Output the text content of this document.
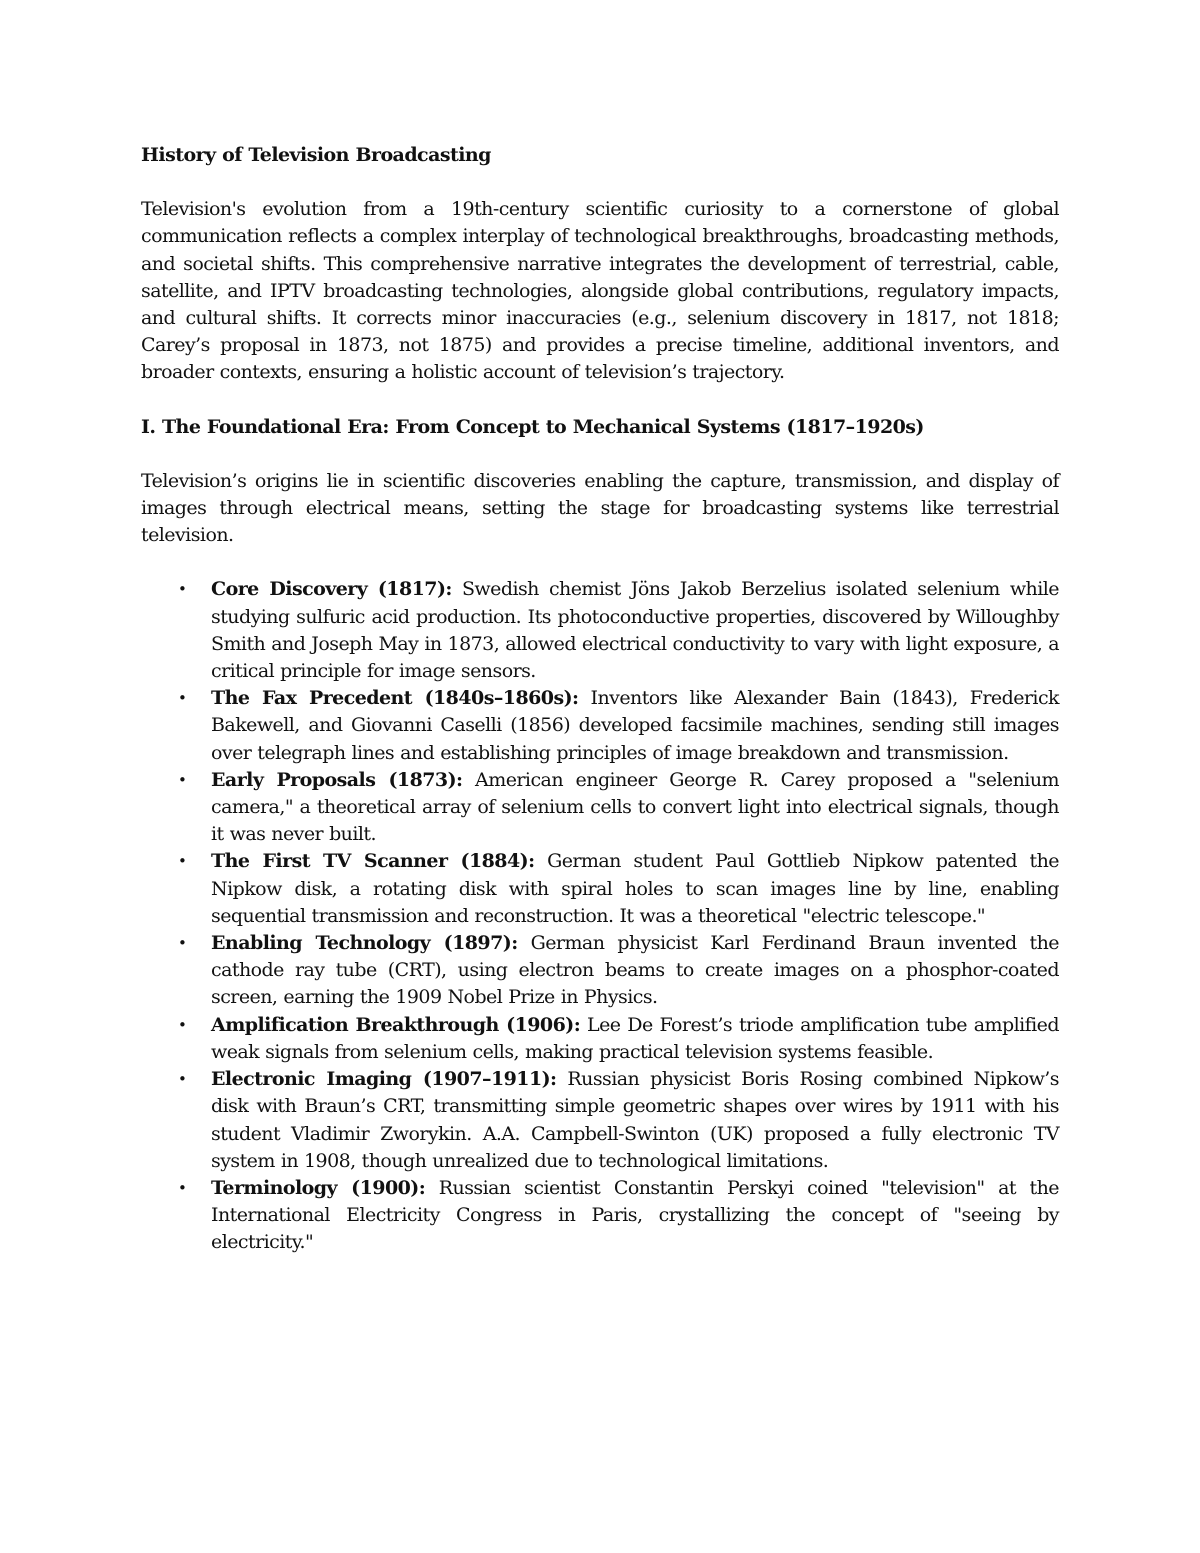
History of Television Broadcasting

Television's evolution from a 19th-century scientific curiosity to a cornerstone of global communication reflects a complex interplay of technological breakthroughs, broadcasting methods, and societal shifts. This comprehensive narrative integrates the development of terrestrial, cable, satellite, and IPTV broadcasting technologies, alongside global contributions, regulatory impacts, and cultural shifts. It corrects minor inaccuracies (e.g., selenium discovery in 1817, not 1818; Carey’s proposal in 1873, not 1875) and provides a precise timeline, additional inventors, and broader contexts, ensuring a holistic account of television’s trajectory.

I. The Foundational Era: From Concept to Mechanical Systems (1817–1920s)

Television’s origins lie in scientific discoveries enabling the capture, transmission, and display of images through electrical means, setting the stage for broadcasting systems like terrestrial television.

• Core Discovery (1817): Swedish chemist Jöns Jakob Berzelius isolated selenium while studying sulfuric acid production. Its photoconductive properties, discovered by Willoughby Smith and Joseph May in 1873, allowed electrical conductivity to vary with light exposure, a critical principle for image sensors.
• The Fax Precedent (1840s–1860s): Inventors like Alexander Bain (1843), Frederick Bakewell, and Giovanni Caselli (1856) developed facsimile machines, sending still images over telegraph lines and establishing principles of image breakdown and transmission.
• Early Proposals (1873): American engineer George R. Carey proposed a "selenium camera," a theoretical array of selenium cells to convert light into electrical signals, though it was never built.
• The First TV Scanner (1884): German student Paul Gottlieb Nipkow patented the Nipkow disk, a rotating disk with spiral holes to scan images line by line, enabling sequential transmission and reconstruction. It was a theoretical "electric telescope."
• Enabling Technology (1897): German physicist Karl Ferdinand Braun invented the cathode ray tube (CRT), using electron beams to create images on a phosphor-coated screen, earning the 1909 Nobel Prize in Physics.
• Amplification Breakthrough (1906): Lee De Forest’s triode amplification tube amplified weak signals from selenium cells, making practical television systems feasible.
• Electronic Imaging (1907–1911): Russian physicist Boris Rosing combined Nipkow’s disk with Braun’s CRT, transmitting simple geometric shapes over wires by 1911 with his student Vladimir Zworykin. A.A. Campbell-Swinton (UK) proposed a fully electronic TV system in 1908, though unrealized due to technological limitations.
• Terminology (1900): Russian scientist Constantin Perskyi coined "television" at the International Electricity Congress in Paris, crystallizing the concept of "seeing by electricity."
